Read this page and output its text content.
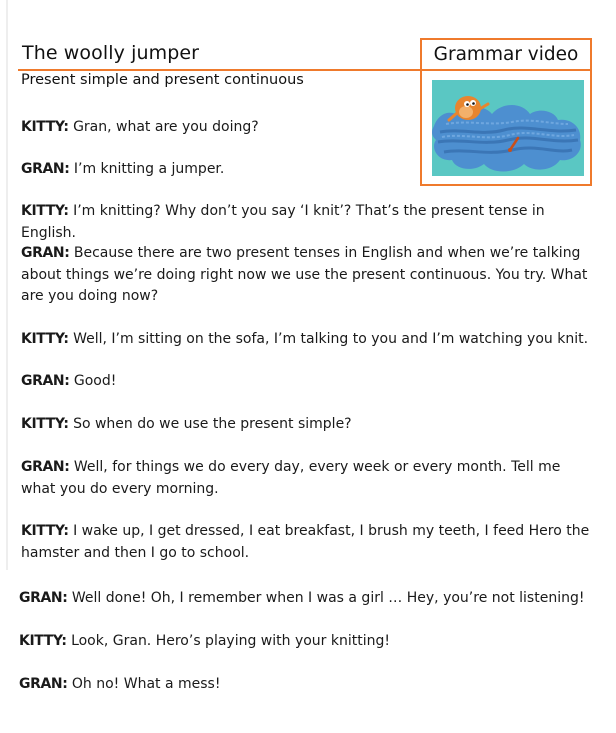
The woolly jumper
Present simple and present continuous
Grammar video

KITTY: Gran, what are you doing?

GRAN: I’m knitting a jumper.

KITTY: I’m knitting? Why don’t you say ‘I knit’? That’s the present tense in English.

GRAN: Because there are two present tenses in English and when we’re talking about things we’re doing right now we use the present continuous. You try. What are you doing now?

KITTY: Well, I’m sitting on the sofa, I’m talking to you and I’m watching you knit.

GRAN: Good!

KITTY: So when do we use the present simple?

GRAN: Well, for things we do every day, every week or every month. Tell me what you do every morning.

KITTY: I wake up, I get dressed, I eat breakfast, I brush my teeth, I feed Hero the hamster and then I go to school.

GRAN: Well done! Oh, I remember when I was a girl … Hey, you’re not listening!

KITTY: Look, Gran. Hero’s playing with your knitting!

GRAN: Oh no! What a mess!
